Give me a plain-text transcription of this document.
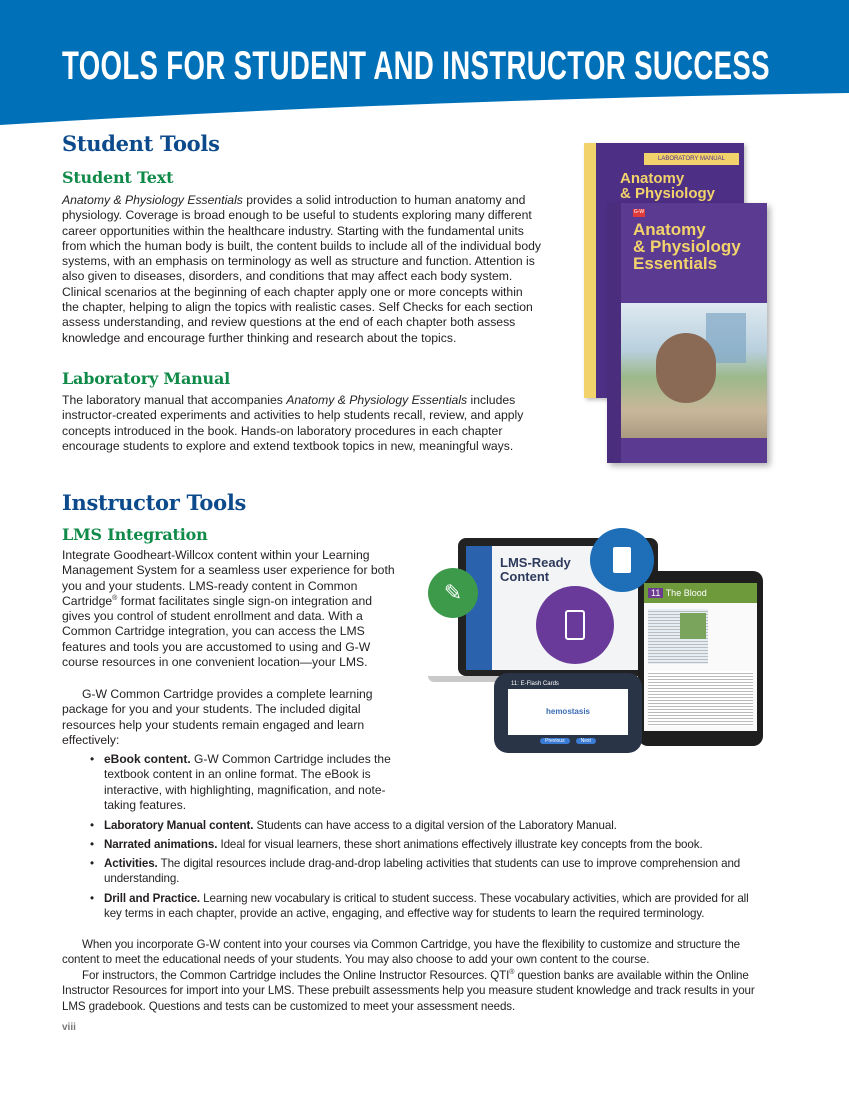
TOOLS FOR STUDENT AND INSTRUCTOR SUCCESS
Student Tools
Student Text

Anatomy & Physiology Essentials provides a solid introduction to human anatomy and physiology. Coverage is broad enough to be useful to students exploring many different career opportunities within the healthcare industry. Starting with the fundamental units from which the human body is built, the content builds to include all of the individual body systems, with an emphasis on terminology as well as structure and function. Attention is also given to diseases, disorders, and conditions that may affect each body system. Clinical scenarios at the beginning of each chapter apply one or more concepts within the chapter, helping to align the topics with realistic cases. Self Checks for each section assess understanding, and review questions at the end of each chapter both assess knowledge and encourage further thinking and research about the topics.

Laboratory Manual

The laboratory manual that accompanies Anatomy & Physiology Essentials includes instructor-created experiments and activities to help students recall, review, and apply concepts introduced in the book. Hands-on laboratory procedures in each chapter encourage students to explore and extend textbook topics in new, meaningful ways.

LABORATORY MANUAL
Anatomy
& Physiology
G-W
Anatomy
& Physiology
Essentials
Instructor Tools
LMS Integration

Integrate Goodheart-Willcox content within your Learning Management System for a seamless user experience for both you and your students. LMS-ready content in Common Cartridge® format facilitates single sign-on integration and gives you control of student enrollment and data. With a Common Cartridge integration, you can access the LMS features and tools you are accustomed to using and G-W course resources in one convenient location—your LMS.

G-W Common Cartridge provides a complete learning package for you and your students. The included digital resources help your students remain engaged and learn effectively:

LMS-Ready Content
11 The Blood
11: E-Flash Cards
hemostasis
Previous	Next
✎
• eBook content. G-W Common Cartridge includes the textbook content in an online format. The eBook is interactive, with highlighting, magnification, and note-taking features.
• Laboratory Manual content. Students can have access to a digital version of the Laboratory Manual.
• Narrated animations. Ideal for visual learners, these short animations effectively illustrate key concepts from the book.
• Activities. The digital resources include drag-and-drop labeling activities that students can use to improve comprehension and understanding.
• Drill and Practice. Learning new vocabulary is critical to student success. These vocabulary activities, which are provided for all key terms in each chapter, provide an active, engaging, and effective way for students to learn the required terminology.

When you incorporate G-W content into your courses via Common Cartridge, you have the flexibility to customize and structure the content to meet the educational needs of your students. You may also choose to add your own content to the course.

For instructors, the Common Cartridge includes the Online Instructor Resources. QTI® question banks are available within the Online Instructor Resources for import into your LMS. These prebuilt assessments help you measure student knowledge and track results in your LMS gradebook. Questions and tests can be customized to meet your assessment needs.

viii
